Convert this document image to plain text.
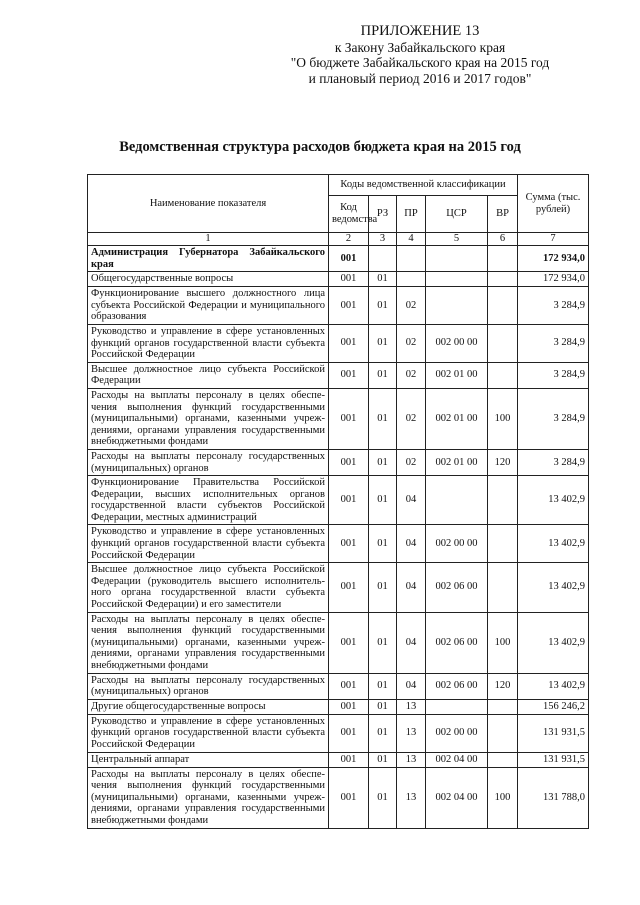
ПРИЛОЖЕНИЕ 13
к Закону Забайкальского края
"О бюджете Забайкальского края на 2015 год
и плановый период 2016 и 2017 годов"
Ведомственная структура расходов бюджета края на 2015 год
Наименование показателя	Коды ведомственной классификации					Сумма (тыс. рублей)
	Код ведомства	РЗ	ПР	ЦСР	ВР	
1	2	3	4	5	6	7
Администрация Губернатора Забайкальского края	001					172 934,0
Общегосударственные вопросы	001	01				172 934,0
Функционирование высшего должностного лица субъекта Российской Федерации и муниципального образования	001	01	02			3 284,9
Руководство и управление в сфере установленных функций органов государственной власти субъекта Российской Федерации	001	01	02	002 00 00		3 284,9
Высшее должностное лицо субъекта Российской Федерации	001	01	02	002 01 00		3 284,9
Расходы на выплаты персоналу в целях обеспечения выполнения функций государственными (муниципальными) органами, казенными учреждениями, органами управления государственными внебюджетными фондами	001	01	02	002 01 00	100	3 284,9
Расходы на выплаты персоналу государственных (муниципальных) органов	001	01	02	002 01 00	120	3 284,9
Функционирование Правительства Российской Федерации, высших исполнительных органов государственной власти субъектов Российской Федерации, местных администраций	001	01	04			13 402,9
Руководство и управление в сфере установленных функций органов государственной власти субъекта Российской Федерации	001	01	04	002 00 00		13 402,9
Высшее должностное лицо субъекта Российской Федерации (руководитель высшего исполнительного органа государственной власти субъекта Российской Федерации) и его заместители	001	01	04	002 06 00		13 402,9
Расходы на выплаты персоналу в целях обеспечения выполнения функций государственными (муниципальными) органами, казенными учреждениями, органами управления государственными внебюджетными фондами	001	01	04	002 06 00	100	13 402,9
Расходы на выплаты персоналу государственных (муниципальных) органов	001	01	04	002 06 00	120	13 402,9
Другие общегосударственные вопросы	001	01	13			156 246,2
Руководство и управление в сфере установленных функций органов государственной власти субъекта Российской Федерации	001	01	13	002 00 00		131 931,5
Центральный аппарат	001	01	13	002 04 00		131 931,5
Расходы на выплаты персоналу в целях обеспечения выполнения функций государственными (муниципальными) органами, казенными учреждениями, органами управления государственными внебюджетными фондами	001	01	13	002 04 00	100	131 788,0
